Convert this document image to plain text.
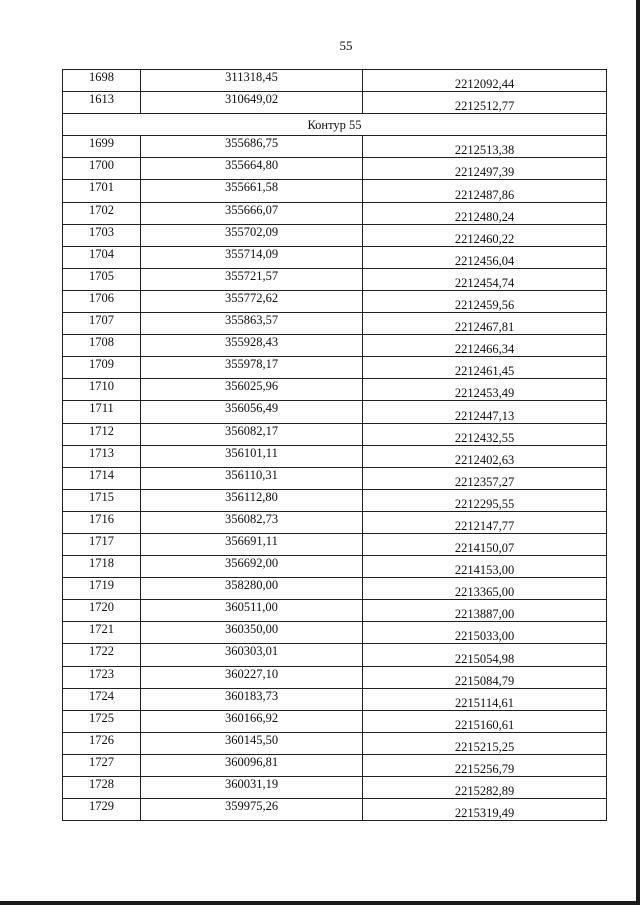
55
1698	311318,45	2212092,44
1613	310649,02	2212512,77
Контур 55		
1699	355686,75	2212513,38
1700	355664,80	2212497,39
1701	355661,58	2212487,86
1702	355666,07	2212480,24
1703	355702,09	2212460,22
1704	355714,09	2212456,04
1705	355721,57	2212454,74
1706	355772,62	2212459,56
1707	355863,57	2212467,81
1708	355928,43	2212466,34
1709	355978,17	2212461,45
1710	356025,96	2212453,49
1711	356056,49	2212447,13
1712	356082,17	2212432,55
1713	356101,11	2212402,63
1714	356110,31	2212357,27
1715	356112,80	2212295,55
1716	356082,73	2212147,77
1717	356691,11	2214150,07
1718	356692,00	2214153,00
1719	358280,00	2213365,00
1720	360511,00	2213887,00
1721	360350,00	2215033,00
1722	360303,01	2215054,98
1723	360227,10	2215084,79
1724	360183,73	2215114,61
1725	360166,92	2215160,61
1726	360145,50	2215215,25
1727	360096,81	2215256,79
1728	360031,19	2215282,89
1729	359975,26	2215319,49
